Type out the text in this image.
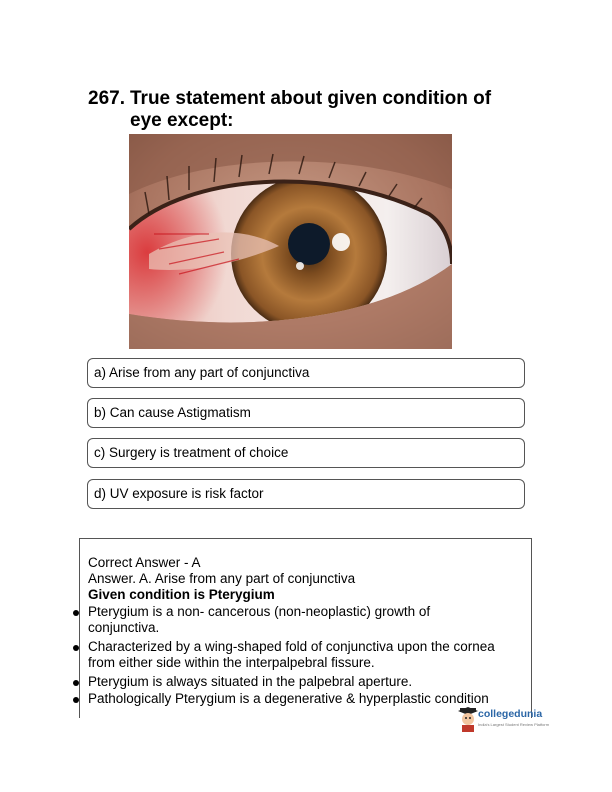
267. True statement about given condition of
eye except:
a) Arise from any part of conjunctiva
b) Can cause Astigmatism
c) Surgery is treatment of choice
d) UV exposure is risk factor
Correct Answer - A
Answer. A. Arise from any part of conjunctiva
Given condition is Pterygium
Pterygium is a non- cancerous (non-neoplastic) growth of
conjunctiva.
Characterized by a wing-shaped fold of conjunctiva upon the cornea
from either side within the interpalpebral fissure.
Pterygium is always situated in the palpebral aperture.
Pathologically Pterygium is a degenerative & hyperplastic condition
collegedunia
India's Largest Student Review Platform
